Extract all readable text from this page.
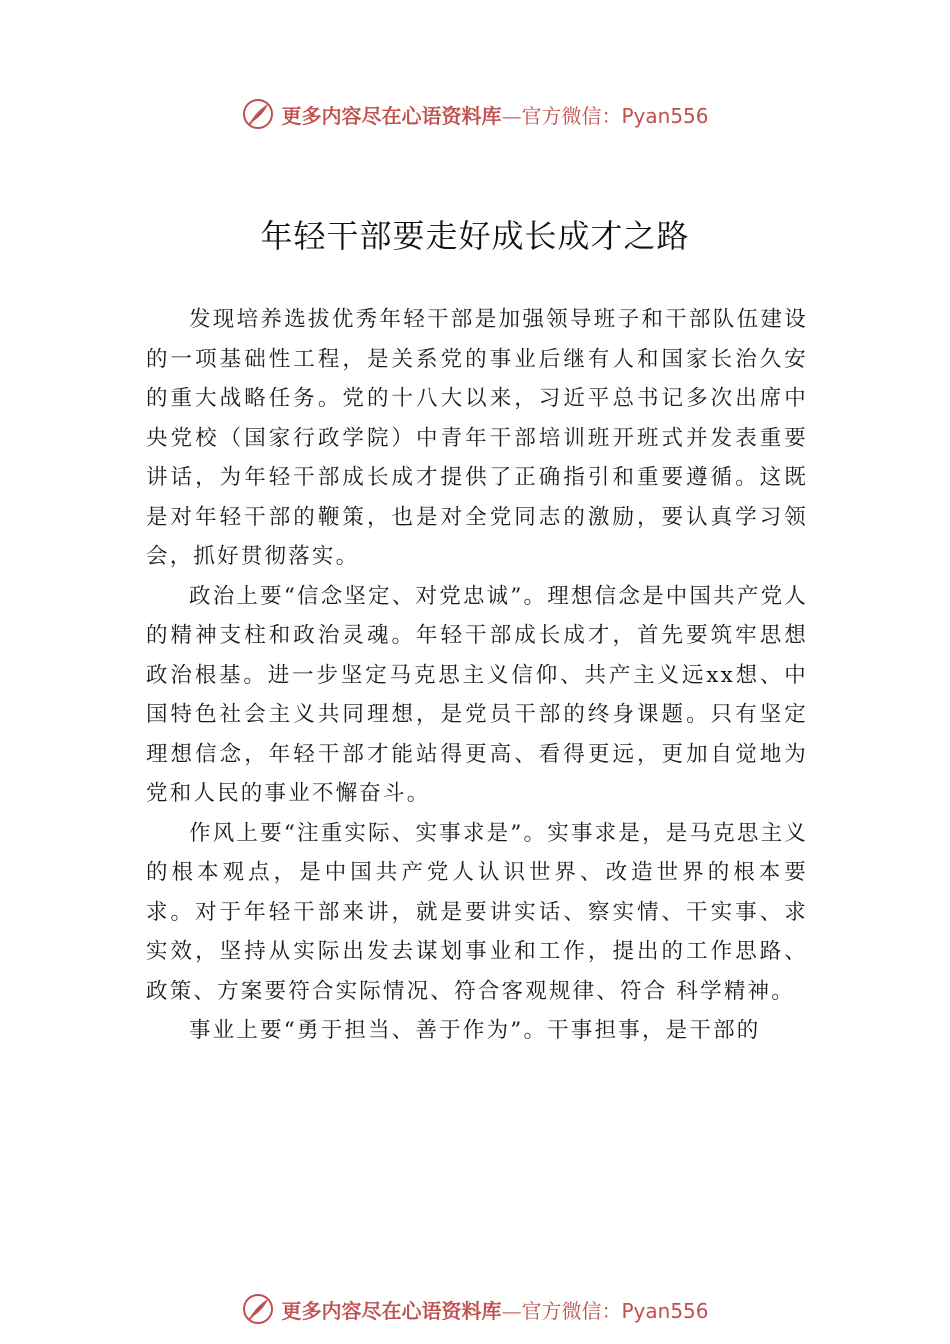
更多内容尽在心语资料库—官方微信：Pyan556
年轻干部要走好成长成才之路

发现培养选拔优秀年轻干部是加强领导班子和干部队伍建设的一项基础性工程，是关系党的事业后继有人和国家长治久安的重大战略任务。党的十八大以来，习近平总书记多次出席中央党校（国家行政学院）中青年干部培训班开班式并发表重要讲话，为年轻干部成长成才提供了正确指引和重要遵循。这既是对年轻干部的鞭策，也是对全党同志的激励，要认真学习领会，抓好贯彻落实。

政治上要“信念坚定、对党忠诚”。理想信念是中国共产党人的精神支柱和政治灵魂。年轻干部成长成才，首先要筑牢思想政治根基。进一步坚定马克思主义信仰、共产主义远xx想、中国特色社会主义共同理想，是党员干部的终身课题。只有坚定理想信念，年轻干部才能站得更高、看得更远，更加自觉地为党和人民的事业不懈奋斗。

作风上要“注重实际、实事求是”。实事求是，是马克思主义的根本观点，是中国共产党人认识世界、改造世界的根本要求。对于年轻干部来讲，就是要讲实话、察实情、干实事、求实效，坚持从实际出发去谋划事业和工作，提出的工作思路、政策、方案要符合实际情况、符合客观规律、符合 科学精神。

事业上要“勇于担当、善于作为”。干事担事，是干部的

更多内容尽在心语资料库—官方微信：Pyan556
